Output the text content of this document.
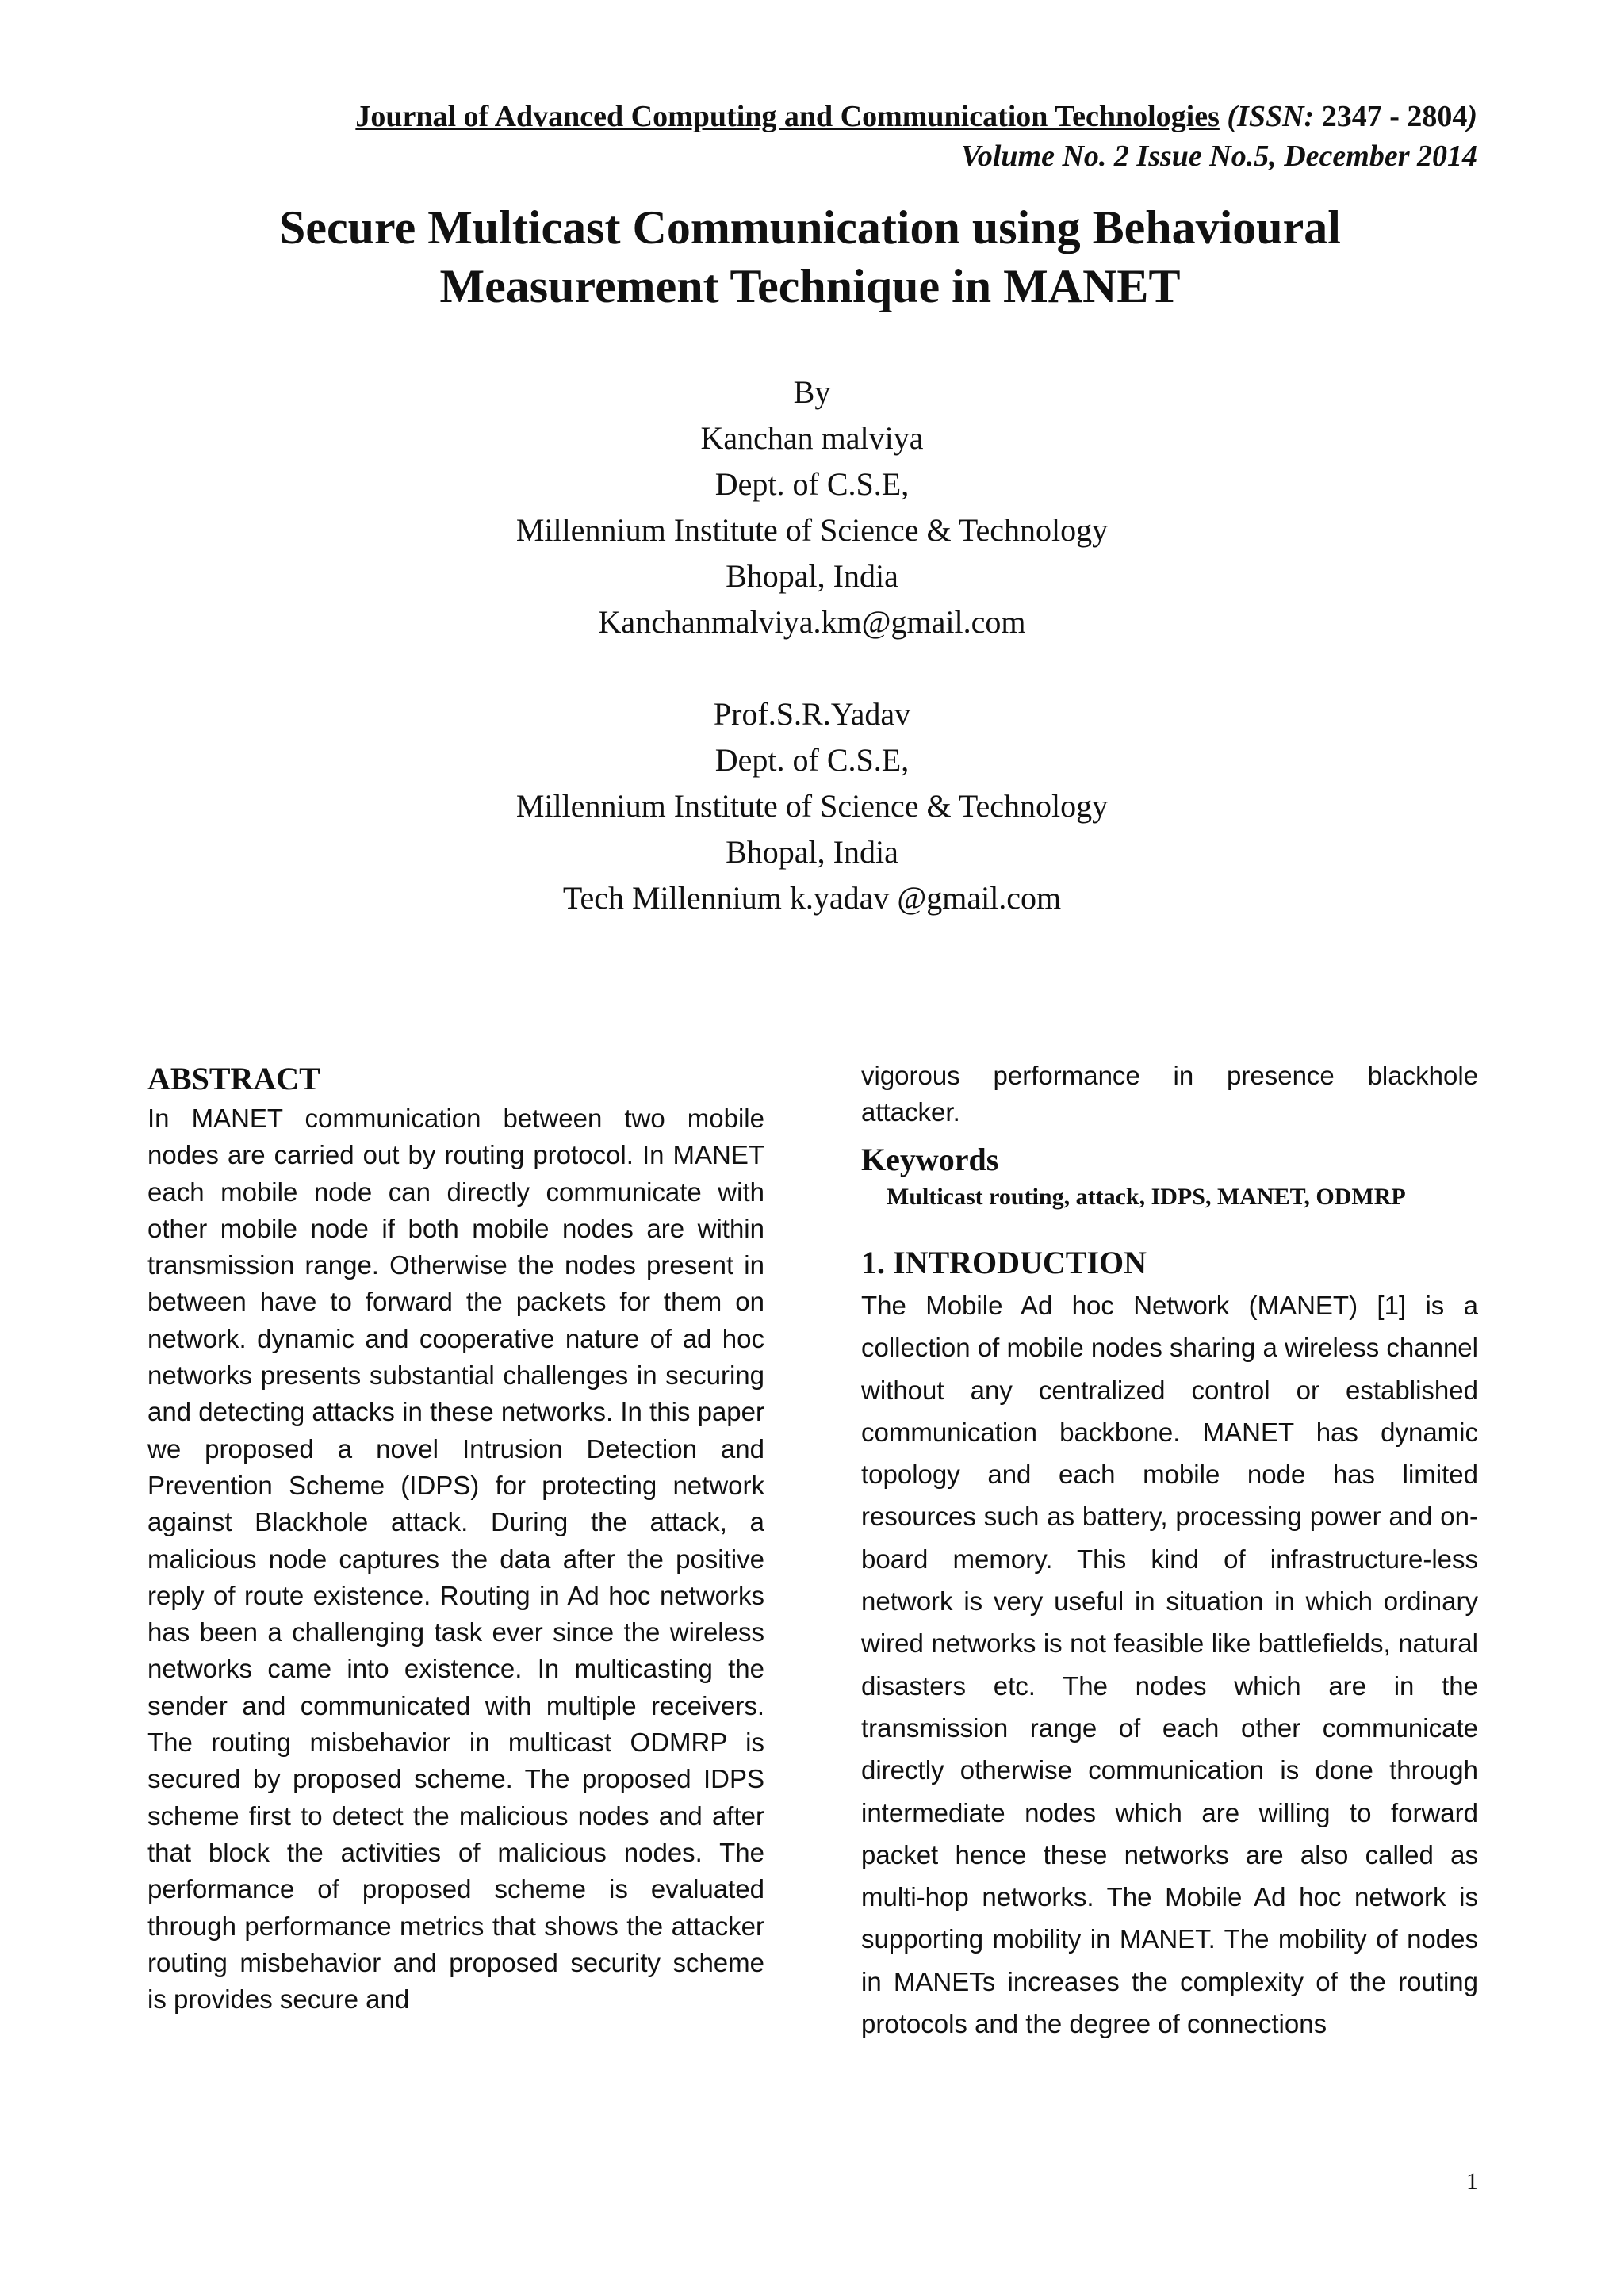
Journal of Advanced Computing and Communication Technologies (ISSN: 2347 - 2804)
Volume No. 2 Issue No.5, December 2014
Secure Multicast Communication using Behavioural
Measurement Technique in MANET
By
Kanchan malviya
Dept. of C.S.E,
Millennium Institute of Science & Technology
Bhopal, India
Kanchanmalviya.km@gmail.com
Prof.S.R.Yadav
Dept. of C.S.E,
Millennium Institute of Science & Technology
Bhopal, India
Tech Millennium k.yadav @gmail.com
ABSTRACT

In MANET communication between two mobile nodes are carried out by routing protocol. In MANET each mobile node can directly communicate with other mobile node if both mobile nodes are within transmission range. Otherwise the nodes present in between have to forward the packets for them on network. dynamic and cooperative nature of ad hoc networks presents substantial challenges in securing and detecting attacks in these networks. In this paper we proposed a novel Intrusion Detection and Prevention Scheme (IDPS) for protecting network against Blackhole attack. During the attack, a malicious node captures the data after the positive reply of route existence. Routing in Ad hoc networks has been a challenging task ever since the wireless networks came into existence. In multicasting the sender and communicated with multiple receivers. The routing misbehavior in multicast ODMRP is secured by proposed scheme. The proposed IDPS scheme first to detect the malicious nodes and after that block the activities of malicious nodes. The performance of proposed scheme is evaluated through performance metrics that shows the attacker routing misbehavior and proposed security scheme is provides secure and

vigorous performance in presence blackhole attacker.

Keywords

Multicast routing, attack, IDPS, MANET, ODMRP

1. INTRODUCTION

The Mobile Ad hoc Network (MANET) [1] is a collection of mobile nodes sharing a wireless channel without any centralized control or established communication backbone. MANET has dynamic topology and each mobile node has limited resources such as battery, processing power and on-board memory. This kind of infrastructure-less network is very useful in situation in which ordinary wired networks is not feasible like battlefields, natural disasters etc. The nodes which are in the transmission range of each other communicate directly otherwise communication is done through intermediate nodes which are willing to forward packet hence these networks are also called as multi-hop networks. The Mobile Ad hoc network is supporting mobility in MANET. The mobility of nodes in MANETs increases the complexity of the routing protocols and the degree of connections

1
